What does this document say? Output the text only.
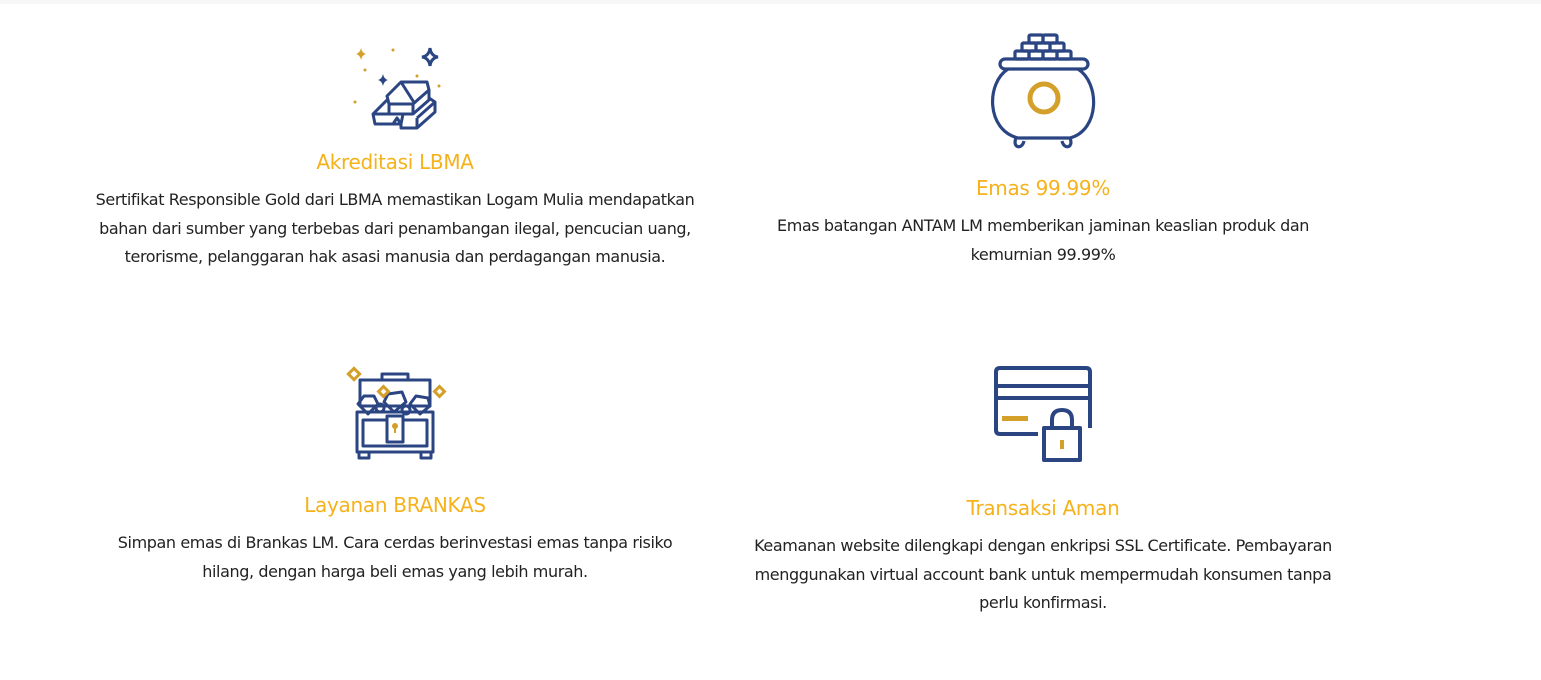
Akreditasi LBMA

Sertifikat Responsible Gold dari LBMA memastikan Logam Mulia mendapatkan bahan dari sumber yang terbebas dari penambangan ilegal, pencucian uang, terorisme, pelanggaran hak asasi manusia dan perdagangan manusia.

Emas 99.99%

Emas batangan ANTAM LM memberikan jaminan keaslian produk dan kemurnian 99.99%

Layanan BRANKAS

Simpan emas di Brankas LM. Cara cerdas berinvestasi emas tanpa risiko hilang, dengan harga beli emas yang lebih murah.

Transaksi Aman

Keamanan website dilengkapi dengan enkripsi SSL Certificate. Pembayaran menggunakan virtual account bank untuk mempermudah konsumen tanpa perlu konfirmasi.
